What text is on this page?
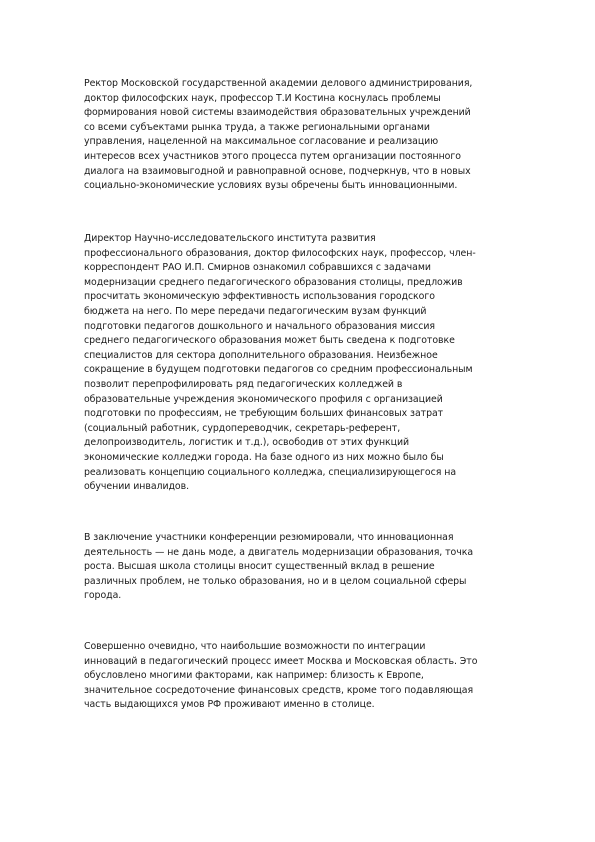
Ректор Московской государственной академии делового администрирования,
доктор философских наук, профессор Т.И Костина коснулась проблемы
формирования новой системы взаимодействия образовательных учреждений
со всеми субъектами рынка труда, а также региональными органами
управления, нацеленной на максимальное согласование и реализацию
интересов всех участников этого процесса путем организации постоянного
диалога на взаимовыгодной и равноправной основе, подчеркнув, что в новых
социально-экономические условиях вузы обречены быть инновационными.

Директор Научно-исследовательского института развития
профессионального образования, доктор философских наук, профессор, член-
корреспондент РАО И.П. Смирнов ознакомил собравшихся с задачами
модернизации среднего педагогического образования столицы, предложив
просчитать экономическую эффективность использования городского
бюджета на него. По мере передачи педагогическим вузам функций
подготовки педагогов дошкольного и начального образования миссия
среднего педагогического образования может быть сведена к подготовке
специалистов для сектора дополнительного образования. Неизбежное
сокращение в будущем подготовки педагогов со средним профессиональным
позволит перепрофилировать ряд педагогических колледжей в
образовательные учреждения экономического профиля с организацией
подготовки по профессиям, не требующим больших финансовых затрат
(социальный работник, сурдопереводчик, секретарь-референт,
делопроизводитель, логистик и т.д.), освободив от этих функций
экономические колледжи города. На базе одного из них можно было бы
реализовать концепцию социального колледжа, специализирующегося на
обучении инвалидов.

В заключение участники конференции резюмировали, что инновационная
деятельность — не дань моде, а двигатель модернизации образования, точка
роста. Высшая школа столицы вносит существенный вклад в решение
различных проблем, не только образования, но и в целом социальной сферы
города.

Совершенно очевидно, что наибольшие возможности по интеграции
инноваций в педагогический процесс имеет Москва и Московская область. Это
обусловлено многими факторами, как например: близость к Европе,
значительное сосредоточение финансовых средств, кроме того подавляющая
часть выдающихся умов РФ проживают именно в столице.
